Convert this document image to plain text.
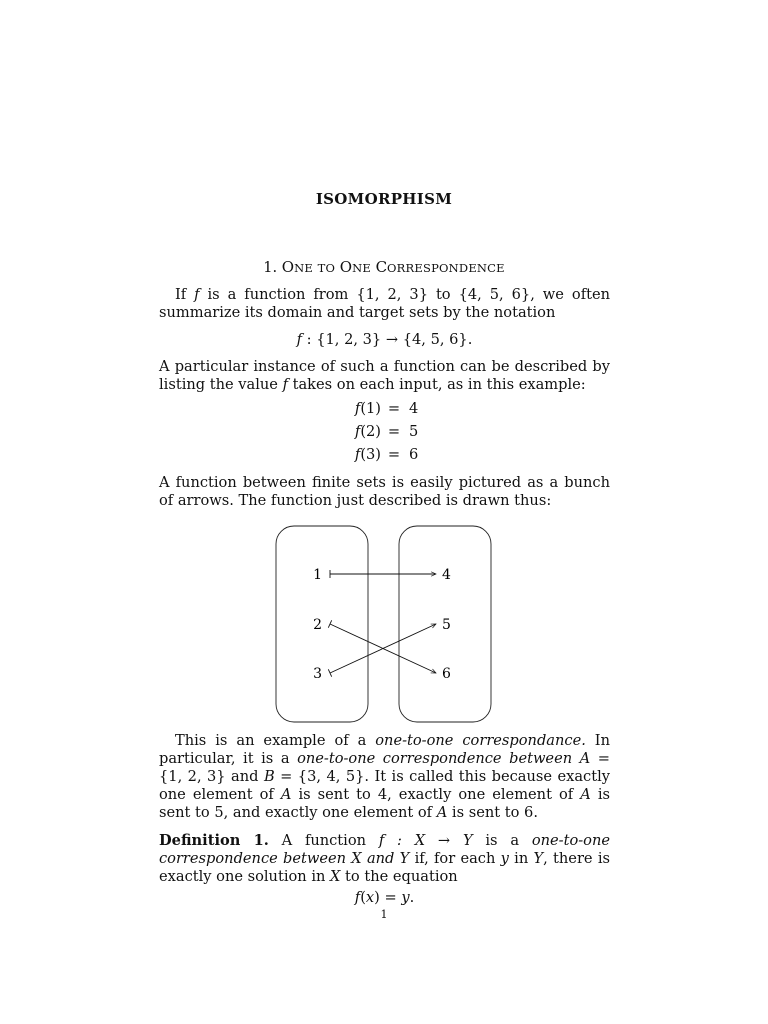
ISOMORPHISM
1. ONE TO ONE CORRESPONDENCE
If f is a function from {1, 2, 3} to {4, 5, 6}, we often summarize its domain and target sets by the notation
f : {1, 2, 3} → {4, 5, 6}.
A particular instance of such a function can be described by listing the value f takes on each input, as in this example:
f(1) = 4
f(2) = 5
f(3) = 6
A function between finite sets is easily pictured as a bunch of arrows. The function just described is drawn thus:
1
2
3
4
5
6
This is an example of a one-to-one correspondance. In particular, it is a one-to-one correspondence between A = {1, 2, 3} and B = {3, 4, 5}. It is called this because exactly one element of A is sent to 4, exactly one element of A is sent to 5, and exactly one element of A is sent to 6.
Definition 1. A function f : X → Y is a one-to-one correspondence between X and Y if, for each y in Y, there is exactly one solution in X to the equation
f(x) = y.
1
